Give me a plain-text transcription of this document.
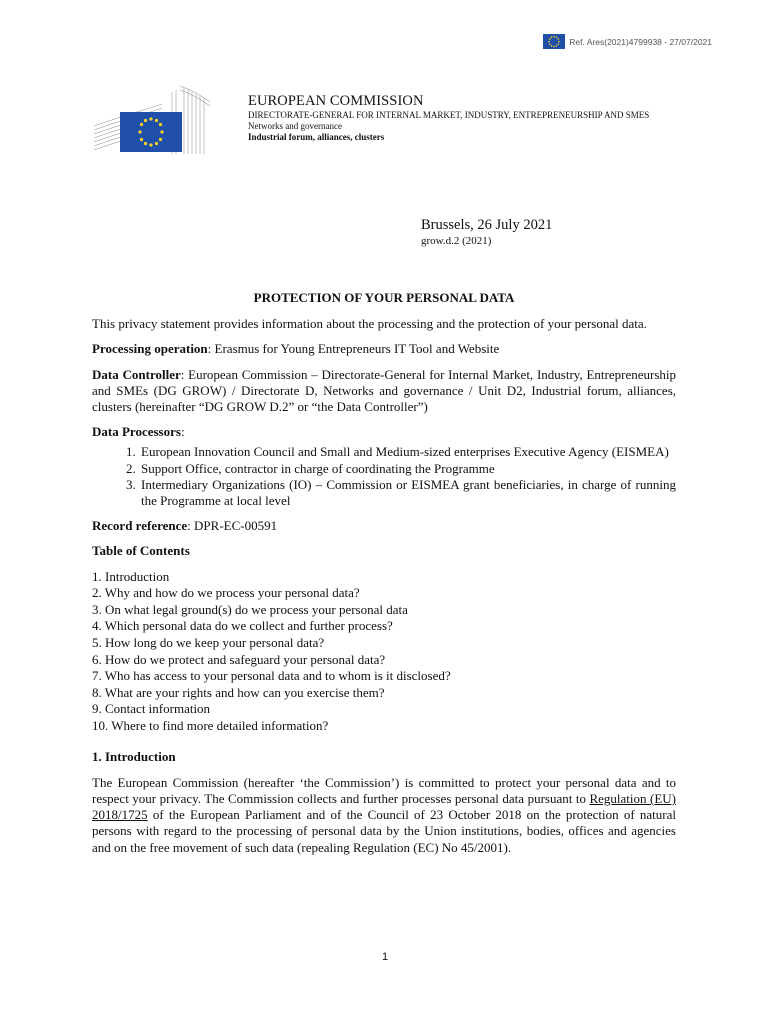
Ref. Ares(2021)4799938 - 27/07/2021
EUROPEAN COMMISSION
DIRECTORATE-GENERAL FOR INTERNAL MARKET, INDUSTRY, ENTREPRENEURSHIP AND SMES
Networks and governance
Industrial forum, alliances, clusters
Brussels, 26 July 2021
grow.d.2 (2021)

PROTECTION OF YOUR PERSONAL DATA

This privacy statement provides information about the processing and the protection of your personal data.

Processing operation: Erasmus for Young Entrepreneurs IT Tool and Website

Data Controller: European Commission – Directorate-General for Internal Market, Industry, Entrepreneurship and SMEs (DG GROW) / Directorate D, Networks and governance / Unit D2, Industrial forum, alliances, clusters (hereinafter “DG GROW D.2” or “the Data Controller”)

Data Processors:

1. European Innovation Council and Small and Medium-sized enterprises Executive Agency (EISMEA)
2. Support Office, contractor in charge of coordinating the Programme
3. Intermediary Organizations (IO) – Commission or EISMEA grant beneficiaries, in charge of running the Programme at local level

Record reference: DPR-EC-00591

Table of Contents

1. Introduction
2. Why and how do we process your personal data?
3. On what legal ground(s) do we process your personal data
4. Which personal data do we collect and further process?
5. How long do we keep your personal data?
6. How do we protect and safeguard your personal data?
7. Who has access to your personal data and to whom is it disclosed?
8. What are your rights and how can you exercise them?
9. Contact information
10. Where to find more detailed information?

1. Introduction

The European Commission (hereafter ‘the Commission’) is committed to protect your personal data and to respect your privacy. The Commission collects and further processes personal data pursuant to Regulation (EU) 2018/1725 of the European Parliament and of the Council of 23 October 2018 on the protection of natural persons with regard to the processing of personal data by the Union institutions, bodies, offices and agencies and on the free movement of such data (repealing Regulation (EC) No 45/2001).

1
